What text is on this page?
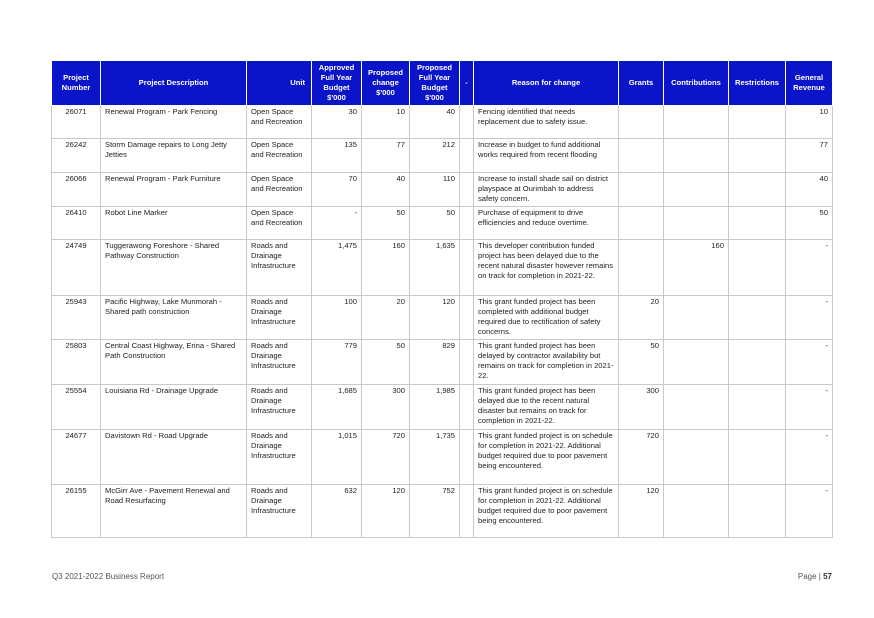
Project Number	Project Description	Unit	Approved Full Year Budget $'000	Proposed change $'000	Proposed Full Year Budget $'000	-	Reason for change	Grants	Contributions	Restrictions	General Revenue
26071	Renewal Program - Park Fencing	Open Space and Recreation	30	10	40		Fencing identified that needs replacement due to safety issue.				10
26242	Storm Damage repairs to Long Jetty Jetties	Open Space and Recreation	135	77	212		Increase in budget to fund additional works required from recent flooding				77
26066	Renewal Program - Park Furniture	Open Space and Recreation	70	40	110		Increase to install shade sail on district playspace at Ourimbah to address safety concern.				40
26410	Robot Line Marker	Open Space and Recreation	-	50	50		Purchase of equipment to drive efficiencies and reduce overtime.				50
24749	Tuggerawong Foreshore - Shared Pathway Construction	Roads and Drainage Infrastructure	1,475	160	1,635		This developer contribution funded project has been delayed due to the recent natural disaster however remains on track for completion in 2021-22.		160		-
25943	Pacific Highway, Lake Munmorah - Shared path construction	Roads and Drainage Infrastructure	100	20	120		This grant funded project has been completed with additional budget required due to rectification of safety concerns.	20			-
25803	Central Coast Highway, Erina - Shared Path Construction	Roads and Drainage Infrastructure	779	50	829		This grant funded project has been delayed by contractor availability but remains on track for completion in 2021-22.	50			-
25554	Louisiana Rd - Drainage Upgrade	Roads and Drainage Infrastructure	1,685	300	1,985		This grant funded project has been delayed due to the recent natural disaster but remains on track for completion in 2021-22.	300			-
24677	Davistown Rd - Road Upgrade	Roads and Drainage Infrastructure	1,015	720	1,735		This grant funded project is on schedule for completion in 2021-22. Additional budget required due to poor pavement being encountered.	720			-
26155	McGirr Ave - Pavement Renewal and Road Resurfacing	Roads and Drainage Infrastructure	632	120	752		This grant funded project is on schedule for completion in 2021-22. Additional budget required due to poor pavement being encountered.	120			-
Q3 2021-2022 Business Report	Page | 57
